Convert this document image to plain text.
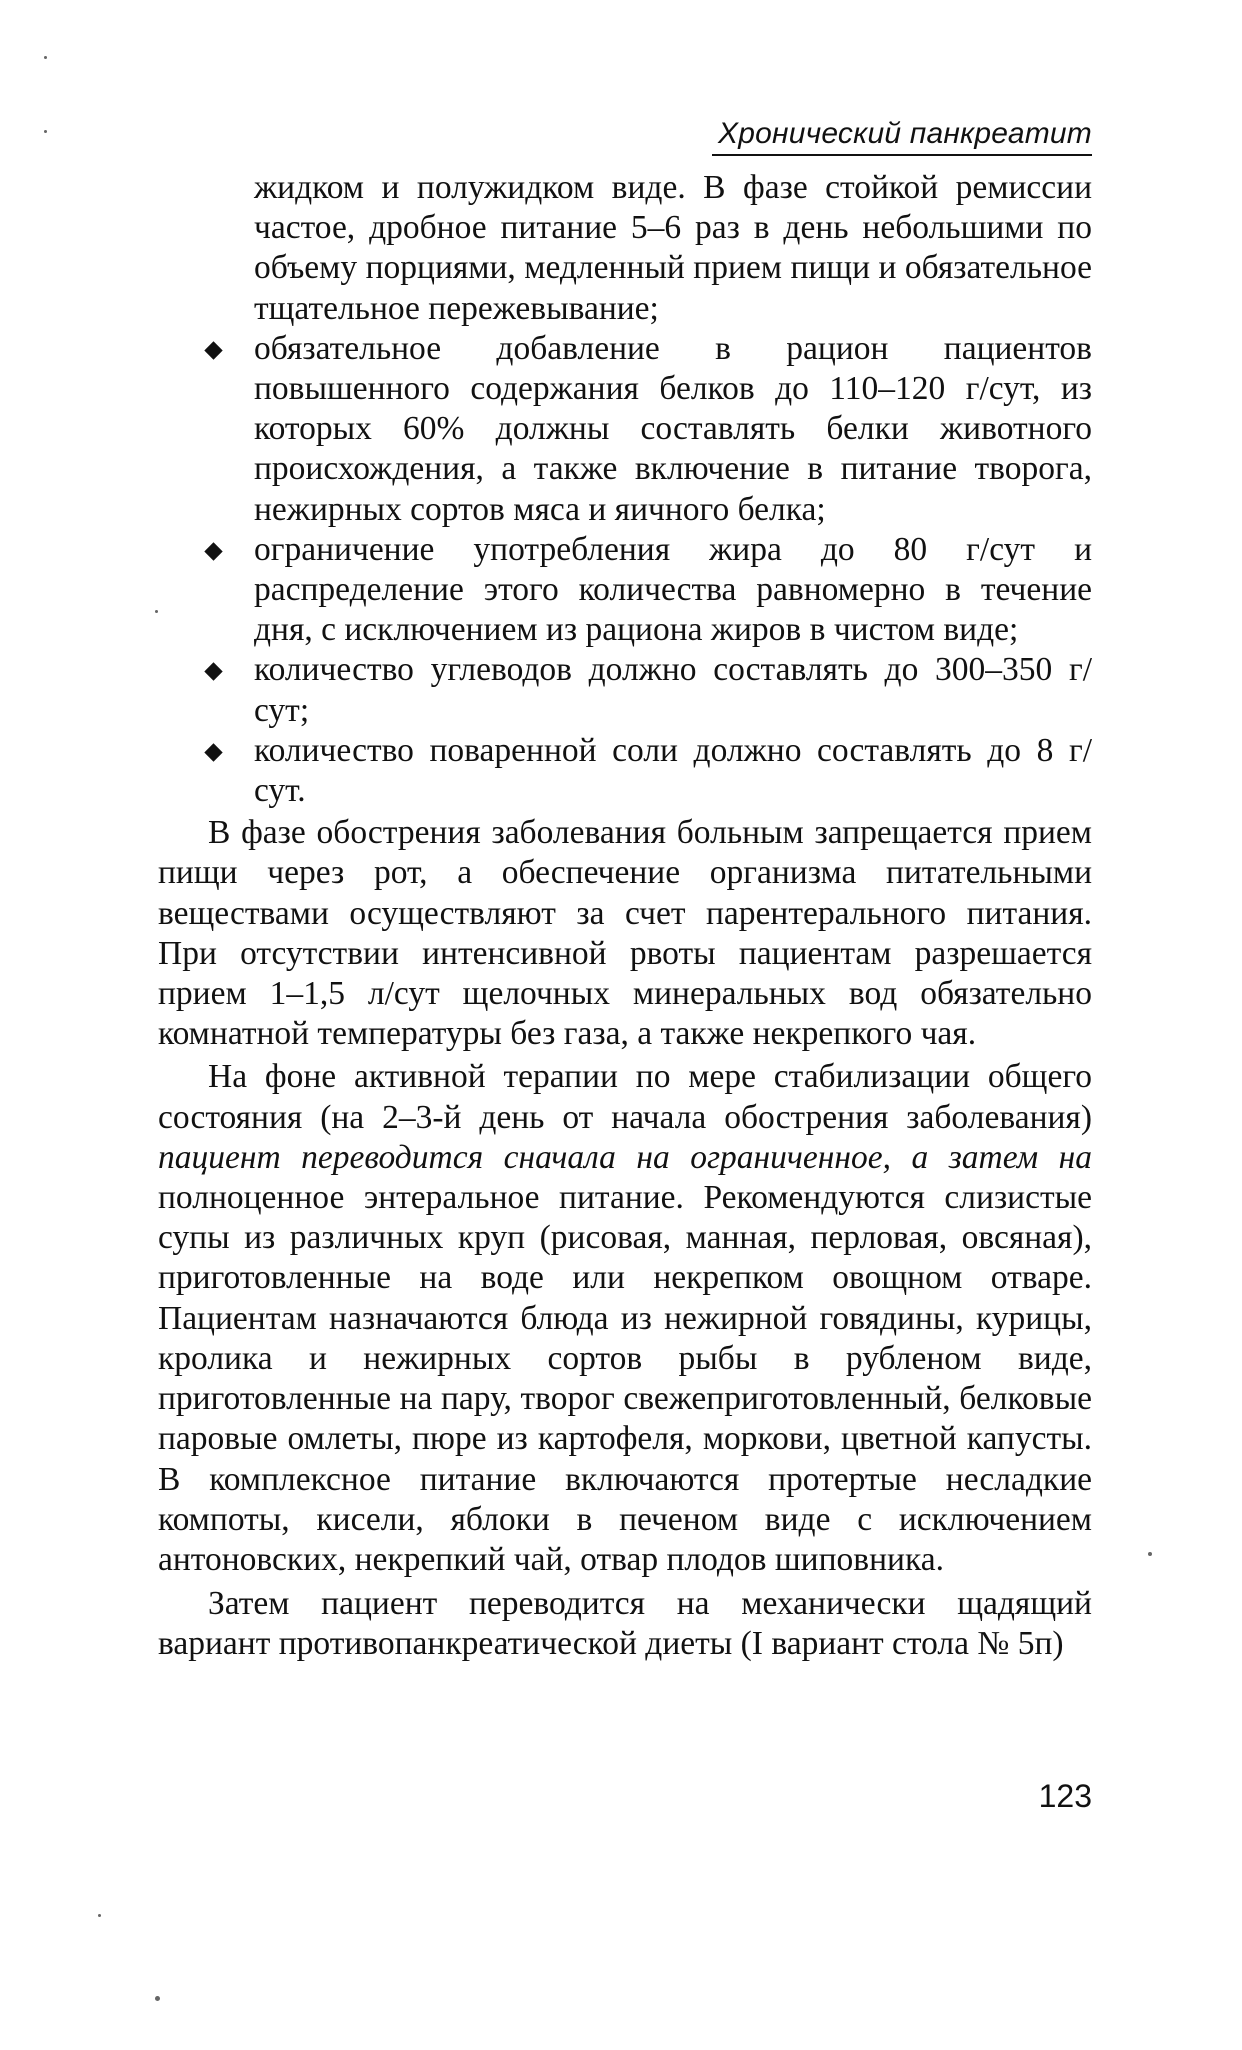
Хронический панкреатит

жидком и полужидком виде. В фазе стойкой ремиссии частое, дробное питание 5–6 раз в день небольшими по объему порциями, медленный прием пищи и обязательное тщательное пережевывание;

обязательное добавление в рацион пациентов повышенного содержания белков до 110–120 г/сут, из которых 60% должны составлять белки животного происхождения, а также включение в питание творога, нежирных сортов мяса и яичного белка;
ограничение употребления жира до 80 г/сут и распределение этого количества равномерно в течение дня, с исключением из рациона жиров в чистом виде;
количество углеводов должно составлять до 300–350 г/сут;
количество поваренной соли должно составлять до 8 г/сут.

В фазе обострения заболевания больным запрещается прием пищи через рот, а обеспечение организма питательными веществами осуществляют за счет парентерального питания. При отсутствии интенсивной рвоты пациентам разрешается прием 1–1,5 л/сут щелочных минеральных вод обязательно комнатной температуры без газа, а также некрепкого чая.

На фоне активной терапии по мере стабилизации общего состояния (на 2–3-й день от начала обострения заболевания) пациент переводится сначала на ограниченное, а затем на полноценное энтеральное питание. Рекомендуются слизистые супы из различных круп (рисовая, манная, перловая, овсяная), приготовленные на воде или некрепком овощном отваре. Пациентам назначаются блюда из нежирной говядины, курицы, кролика и нежирных сортов рыбы в рубленом виде, приготовленные на пару, творог свежеприготовленный, белковые паровые омлеты, пюре из картофеля, моркови, цветной капусты. В комплексное питание включаются протертые несладкие компоты, кисели, яблоки в печеном виде с исключением антоновских, некрепкий чай, отвар плодов шиповника.

Затем пациент переводится на механически щадящий вариант противопанкреатической диеты (I вариант стола № 5п)

123
